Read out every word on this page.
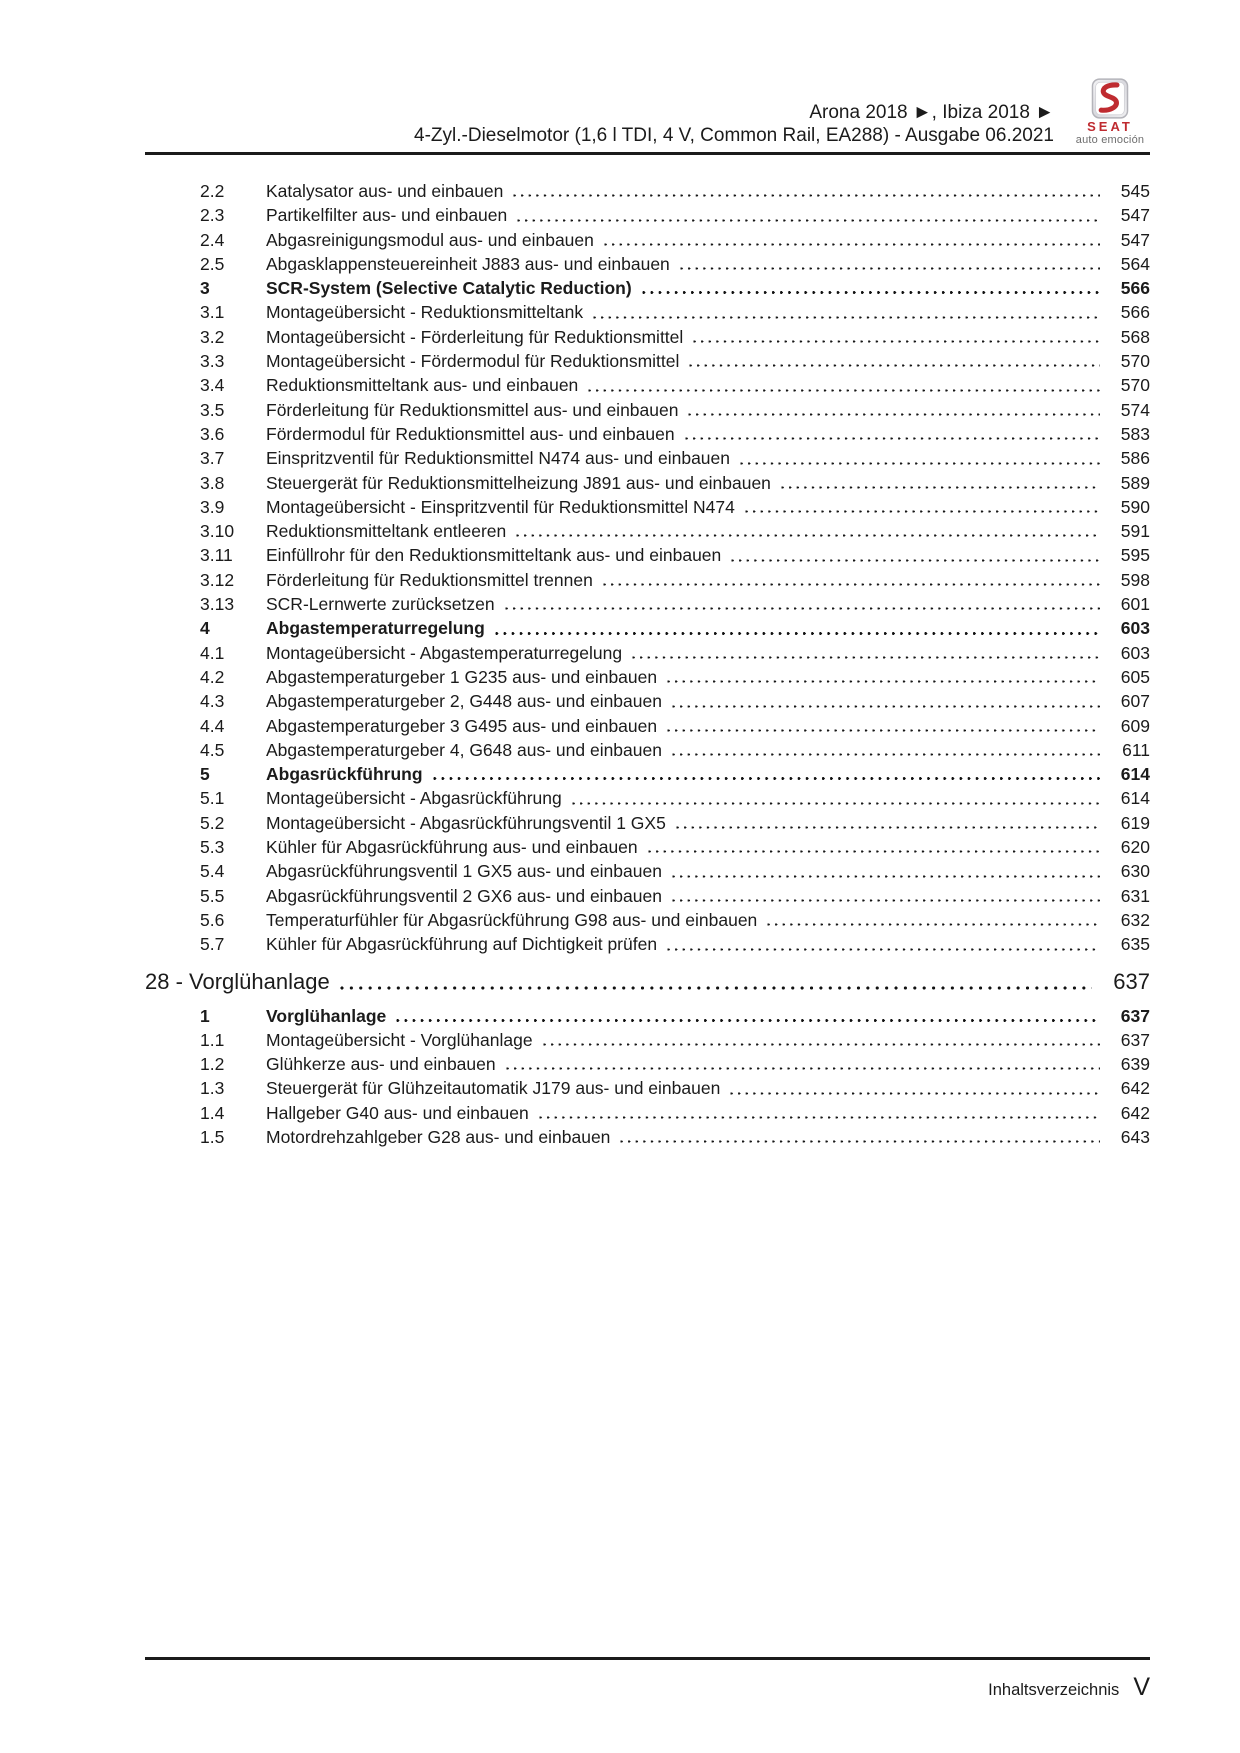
Arona 2018 ►, Ibiza 2018 ►
4-Zyl.-Dieselmotor (1,6 l TDI, 4 V, Common Rail, EA288) - Ausgabe 06.2021	SEAT
auto emoción
2.2	Katalysator aus- und einbauen	545
2.3	Partikelfilter aus- und einbauen	547
2.4	Abgasreinigungsmodul aus- und einbauen	547
2.5	Abgasklappensteuereinheit J883 aus- und einbauen	564
3	SCR-System (Selective Catalytic Reduction)	566
3.1	Montageübersicht - Reduktionsmitteltank	566
3.2	Montageübersicht - Förderleitung für Reduktionsmittel	568
3.3	Montageübersicht - Fördermodul für Reduktionsmittel	570
3.4	Reduktionsmitteltank aus- und einbauen	570
3.5	Förderleitung für Reduktionsmittel aus- und einbauen	574
3.6	Fördermodul für Reduktionsmittel aus- und einbauen	583
3.7	Einspritzventil für Reduktionsmittel N474 aus- und einbauen	586
3.8	Steuergerät für Reduktionsmittelheizung J891 aus- und einbauen	589
3.9	Montageübersicht - Einspritzventil für Reduktionsmittel N474	590
3.10	Reduktionsmitteltank entleeren	591
3.11	Einfüllrohr für den Reduktionsmitteltank aus- und einbauen	595
3.12	Förderleitung für Reduktionsmittel trennen	598
3.13	SCR-Lernwerte zurücksetzen	601
4	Abgastemperaturregelung	603
4.1	Montageübersicht - Abgastemperaturregelung	603
4.2	Abgastemperaturgeber 1 G235 aus- und einbauen	605
4.3	Abgastemperaturgeber 2, G448 aus- und einbauen	607
4.4	Abgastemperaturgeber 3 G495 aus- und einbauen	609
4.5	Abgastemperaturgeber 4, G648 aus- und einbauen	611
5	Abgasrückführung	614
5.1	Montageübersicht - Abgasrückführung	614
5.2	Montageübersicht - Abgasrückführungsventil 1 GX5	619
5.3	Kühler für Abgasrückführung aus- und einbauen	620
5.4	Abgasrückführungsventil 1 GX5 aus- und einbauen	630
5.5	Abgasrückführungsventil 2 GX6 aus- und einbauen	631
5.6	Temperaturfühler für Abgasrückführung G98 aus- und einbauen	632
5.7	Kühler für Abgasrückführung auf Dichtigkeit prüfen	635
28 - Vorglühanlage	637
1	Vorglühanlage	637
1.1	Montageübersicht - Vorglühanlage	637
1.2	Glühkerze aus- und einbauen	639
1.3	Steuergerät für Glühzeitautomatik J179 aus- und einbauen	642
1.4	Hallgeber G40 aus- und einbauen	642
1.5	Motordrehzahlgeber G28 aus- und einbauen	643
Inhaltsverzeichnis V
